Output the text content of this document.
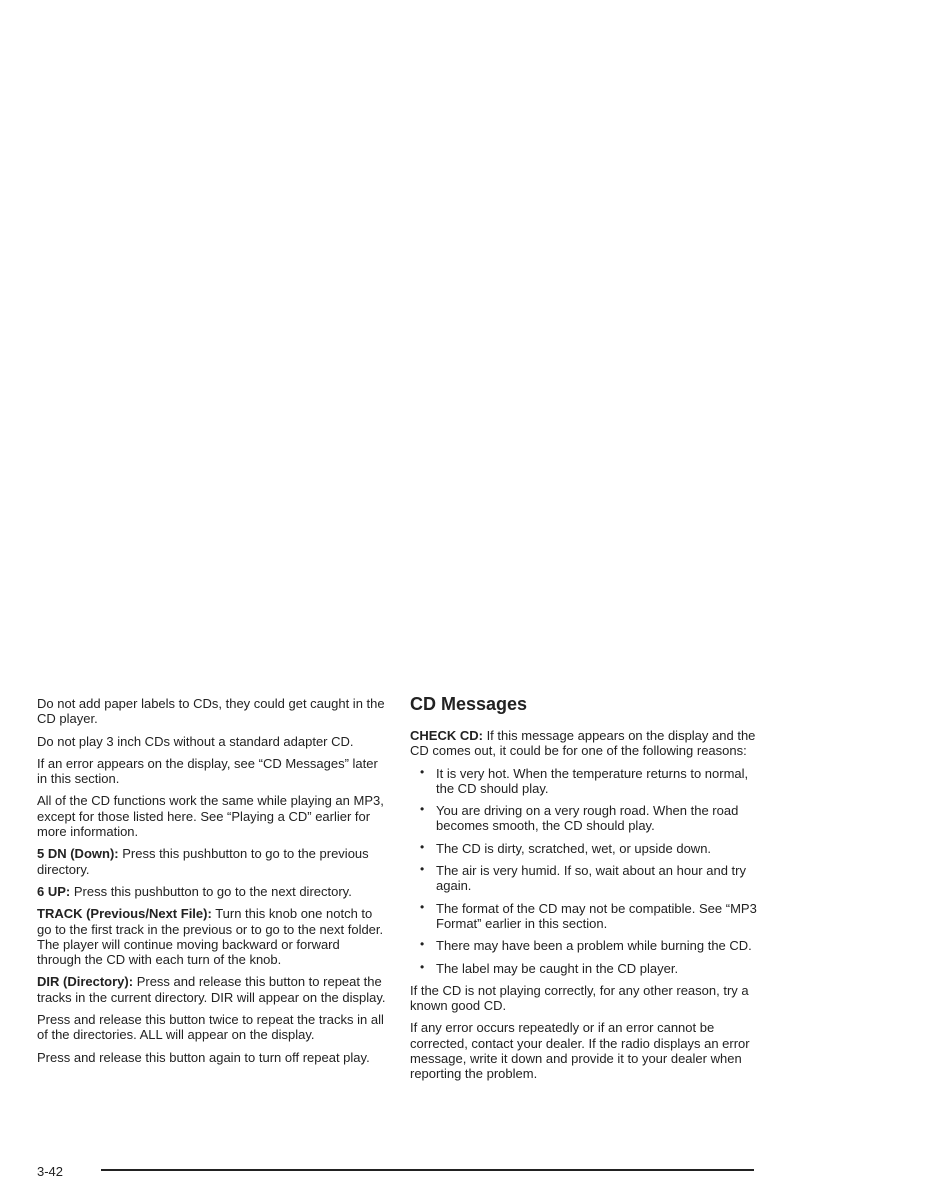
Do not add paper labels to CDs, they could get caught in the CD player.

Do not play 3 inch CDs without a standard adapter CD.

If an error appears on the display, see “CD Messages” later in this section.

All of the CD functions work the same while playing an MP3, except for those listed here. See “Playing a CD” earlier for more information.

5 DN (Down): Press this pushbutton to go to the previous directory.

6 UP: Press this pushbutton to go to the next directory.

TRACK (Previous/Next File): Turn this knob one notch to go to the first track in the previous or to go to the next folder. The player will continue moving backward or forward through the CD with each turn of the knob.

DIR (Directory): Press and release this button to repeat the tracks in the current directory. DIR will appear on the display.

Press and release this button twice to repeat the tracks in all of the directories. ALL will appear on the display.

Press and release this button again to turn off repeat play.

CD Messages

CHECK CD: If this message appears on the display and the CD comes out, it could be for one of the following reasons:

• It is very hot. When the temperature returns to normal, the CD should play.
• You are driving on a very rough road. When the road becomes smooth, the CD should play.
• The CD is dirty, scratched, wet, or upside down.
• The air is very humid. If so, wait about an hour and try again.
• The format of the CD may not be compatible. See “MP3 Format” earlier in this section.
• There may have been a problem while burning the CD.
• The label may be caught in the CD player.

If the CD is not playing correctly, for any other reason, try a known good CD.

If any error occurs repeatedly or if an error cannot be corrected, contact your dealer. If the radio displays an error message, write it down and provide it to your dealer when reporting the problem.

3-42
